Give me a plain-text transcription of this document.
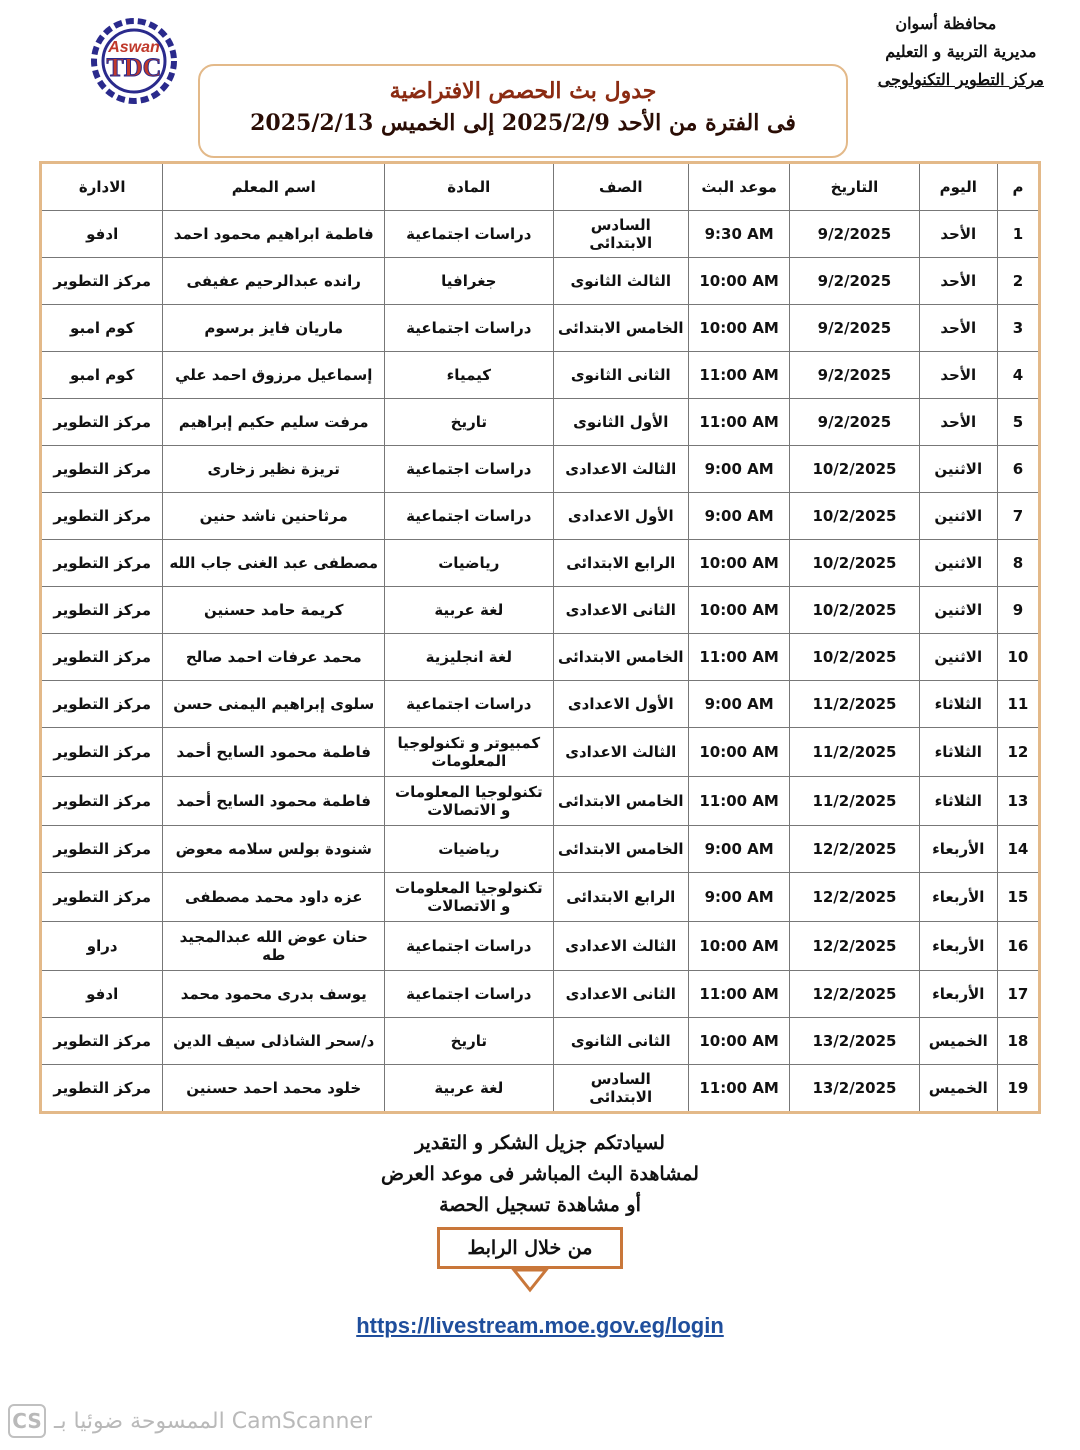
Aswan
TDC
محافظة أسوان
مديرية التربية و التعليم
مركز التطوير التكنولوجى
جدول بث الحصص الافتراضية
فى الفترة من الأحد 2025/2/9 إلى الخميس 2025/2/13
م	اليوم	التاريخ	موعد البث	الصف	المادة	اسم المعلم	الادارة
1	الأحد	9/2/2025	9:30 AM	السادس الابتدائى	دراسات اجتماعية	فاطمة ابراهيم محمود احمد	ادفو
2	الأحد	9/2/2025	10:00 AM	الثالث الثانوى	جغرافيا	رانده عبدالرحيم عفيفى	مركز التطوير
3	الأحد	9/2/2025	10:00 AM	الخامس الابتدائى	دراسات اجتماعية	ماريان فايز برسوم	كوم امبو
4	الأحد	9/2/2025	11:00 AM	الثانى الثانوى	كيمياء	إسماعيل مرزوق احمد علي	كوم امبو
5	الأحد	9/2/2025	11:00 AM	الأول الثانوى	تاريخ	مرفت سليم حكيم إبراهيم	مركز التطوير
6	الاثنين	10/2/2025	9:00 AM	الثالث الاعدادى	دراسات اجتماعية	تريزة نظير زخارى	مركز التطوير
7	الاثنين	10/2/2025	9:00 AM	الأول الاعدادى	دراسات اجتماعية	مرثاحنين ناشد حنين	مركز التطوير
8	الاثنين	10/2/2025	10:00 AM	الرابع الابتدائى	رياضيات	مصطفى عبد الغنى جاب الله	مركز التطوير
9	الاثنين	10/2/2025	10:00 AM	الثانى الاعدادى	لغة عربية	كريمة حامد حسنين	مركز التطوير
10	الاثنين	10/2/2025	11:00 AM	الخامس الابتدائى	لغة انجليزية	محمد عرفات احمد صالح	مركز التطوير
11	الثلاثاء	11/2/2025	9:00 AM	الأول الاعدادى	دراسات اجتماعية	سلوى إبراهيم اليمنى حسن	مركز التطوير
12	الثلاثاء	11/2/2025	10:00 AM	الثالث الاعدادى	كمبيوتر و تكنولوجيا المعلومات	فاطمة محمود السايح أحمد	مركز التطوير
13	الثلاثاء	11/2/2025	11:00 AM	الخامس الابتدائى	تكنولوجيا المعلومات و الاتصالات	فاطمة محمود السايح أحمد	مركز التطوير
14	الأربعاء	12/2/2025	9:00 AM	الخامس الابتدائى	رياضيات	شنودة بولس سلامه معوض	مركز التطوير
15	الأربعاء	12/2/2025	9:00 AM	الرابع الابتدائى	تكنولوجيا المعلومات و الاتصالات	عزه داود محمد مصطفى	مركز التطوير
16	الأربعاء	12/2/2025	10:00 AM	الثالث الاعدادى	دراسات اجتماعية	حنان عوض الله عبدالمجيد طه	دراو
17	الأربعاء	12/2/2025	11:00 AM	الثانى الاعدادى	دراسات اجتماعية	يوسف بدرى محمود محمد	ادفو
18	الخميس	13/2/2025	10:00 AM	الثانى الثانوى	تاريخ	د/سحر الشاذلى سيف الدين	مركز التطوير
19	الخميس	13/2/2025	11:00 AM	السادس الابتدائى	لغة عربية	خلود محمد احمد حسنين	مركز التطوير
لسيادتكم جزيل الشكر و التقدير
لمشاهدة البث المباشر فى موعد العرض
أو مشاهدة تسجيل الحصة
من خلال الرابط
https://livestream.moe.gov.eg/login
CS الممسوحة ضوئيا بـ CamScanner
